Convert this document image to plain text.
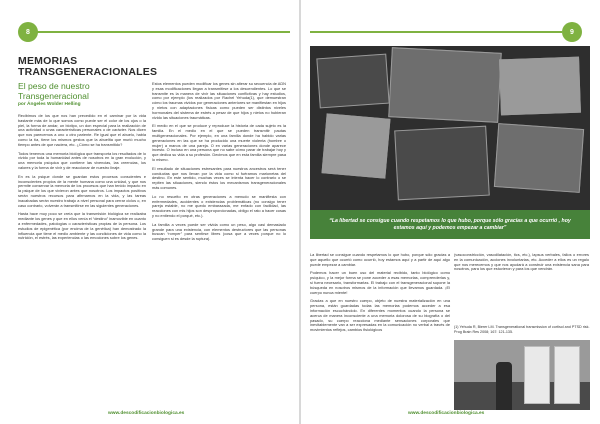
8
MEMORIAS TRANSGENERACIONALES
El peso de nuestro Transgeneracional
por Ángeles Wolder Helling

Recibimos de los que nos han precedido en el caminar por la vida bastante más de lo que somos como puede ser el color de los ojos o la piel, la forma de andar, un biotipo, un don especial para la realización de una actividad o unas características personales o de carácter. Nos dicen que nos parecemos a uno u otro pariente. Re igual que el abuelo, habla como la tía, tiene los mismos gestos que la abuelita que murió mucho tiempo antes de que naciera, etc. ¿Cómo se ha transmitido?

Todos tenemos una memoria biológica que transporta los resultados de lo vivido por toda la humanidad antes de nosotros en la gran evolución, y una memoria psíquica que contiene las vivencias, las creencias, los valores y la forma de vivir y de reaccionar de nuestro linaje.

En es la psique donde se guardan estos procesos conscientes e inconscientes propios de la mente humana como una unidad, y que nos permite conservar la memoria de los procesos que han tenido impacto en la psique de los que vivieron antes que nosotros. Los impactos positivos serán nuestros recursos para afirmarnos en la vida, y las tareas inacabadas serán nuestro trabajo a nivel personal para cerrar ciclos o, en caso contrario, volverán a transmitirse en las siguientes generaciones.

Hasta hace muy poco se creía que la transmisión biológica se realizaba mediante los genes y que en ellos venía el “destino” inamovible en cuanto a enfermedades, patologías o características propias de la persona. Los estudios de epigenética (por encima de la genética) han demostrado la influencia que tiene el medio ambiente y las condiciones de vida como la nutrición, el estrés, las experiencias o las emociones sobre los genes.

Estos elementos pueden modificar los genes sin alterar su secuencia de ADN y esas modificaciones llegan a transmitirse a los descendientes. Lo que se transmite es la manera de vivir las situaciones conflictivas y hay estudios, como por ejemplo (los realizados por Rachel Yehuda(1), que demuestran cómo los traumas vividos por generaciones anteriores se manifiestan en hijos y nietos con adaptaciones físicas como pueden ser distintos niveles hormonales del sistema de estrés a pesar de que hijos y nietos no hubieran vivido las situaciones traumáticas.

El medio en el que se produce y reproduce la historia de cada sujeto es la familia. En el medio en el que se pueden transmitir pautas multigeneracionales. Por ejemplo, en una familia donde ha habido varias generaciones en las que se ha producido una muerte violenta (hombre o mujer) a manos de una pareja. O en varias generaciones donde aparece incesto. O incluso en una persona que no sabe cómo parar de trabajar hoy y que dedica su vida a su profesión. Decimos que en esta familia siempre pasa lo mismo.

El resultado de situaciones estresantes para nuestros ancestros será tener conductas que nos llevan por la vida como si fuéramos marionetas del destino. En este sentido, muchas veces se intenta hacer lo contrario o se repiten las situaciones, siendo éstos los mecanismos transgeneracionales más comunes.

Lo no resuelto en otras generaciones a menudo se manifiesta con enfermedades, accidentes o existencias problemáticas (no consigo tener pareja estable, no me quedo embarazada, me enfado con facilidad, las reacciones con mis hijos son desproporcionadas, obligo el rato a hacer cosas y no entiendo el porqué, etc.).

La familia a veces puede ser vivida como un peso, algo casi demasiado grande para una existencia, con elementos destructores que las personas buscan “romper” para sentirse libres (cosa que a veces porque no lo consiguen si es desde la ruptura).

www.descodificacionbiologica.es
9
“La libertad se consigue cuando respetamos lo que hubo, porque sólo gracias a que ocurrió , hoy estamos aquí y podemos empezar a cambiar”

La libertad se consigue cuando respetamos lo que hubo, porque sólo gracias a que aquello que ocurrió como ocurrió, hoy estamos aquí y a partir de aquí algo puede empezar a cambiar.

Podemos hacer un buen uso del material recibido, tanto biológico como psíquico, y la mejor forma se pone acceder a esas memorias, comprenderlas y, si fuera necesario, transformarlas. El trabajo con el transgeneracional supone la búsqueda en nosotros mismos de la información que llevamos guardada. ¡El cuerpo nunca miente!

Gracias a que en nuestro cuerpo, objeto de nuestra materialización en una persona, están guardadas todas las memorias podemos acceder a esa información escuchándolo. En diferentes momentos cuando la persona se acerca de manera inconsciente a una memoria dolorosa de su biografía o del pasado, su cuerpo reacciona mediante sensaciones corporales que inevitablemente van a ser expresadas en la comunicación no verbal a través de movimientos reflejos, cambios fisiológicos

(vasoconstricción, vasodilatación, tics, etc.), lapsus verbales, fallos o errores en la comunicación, acciones involuntarias, etc. Acceder a ellos es un regalo que nos merecemos y que nos ayudará a construir una existencia sana para nosotros, para los que estuvieron y para los que vendrán.

(1) Yehuda R, Bierer LM. Transgenerational transmission of cortisol and PTSD risk. Prog Brain Res 2008; 167: 121-135.
www.descodificacionbiologica.es
